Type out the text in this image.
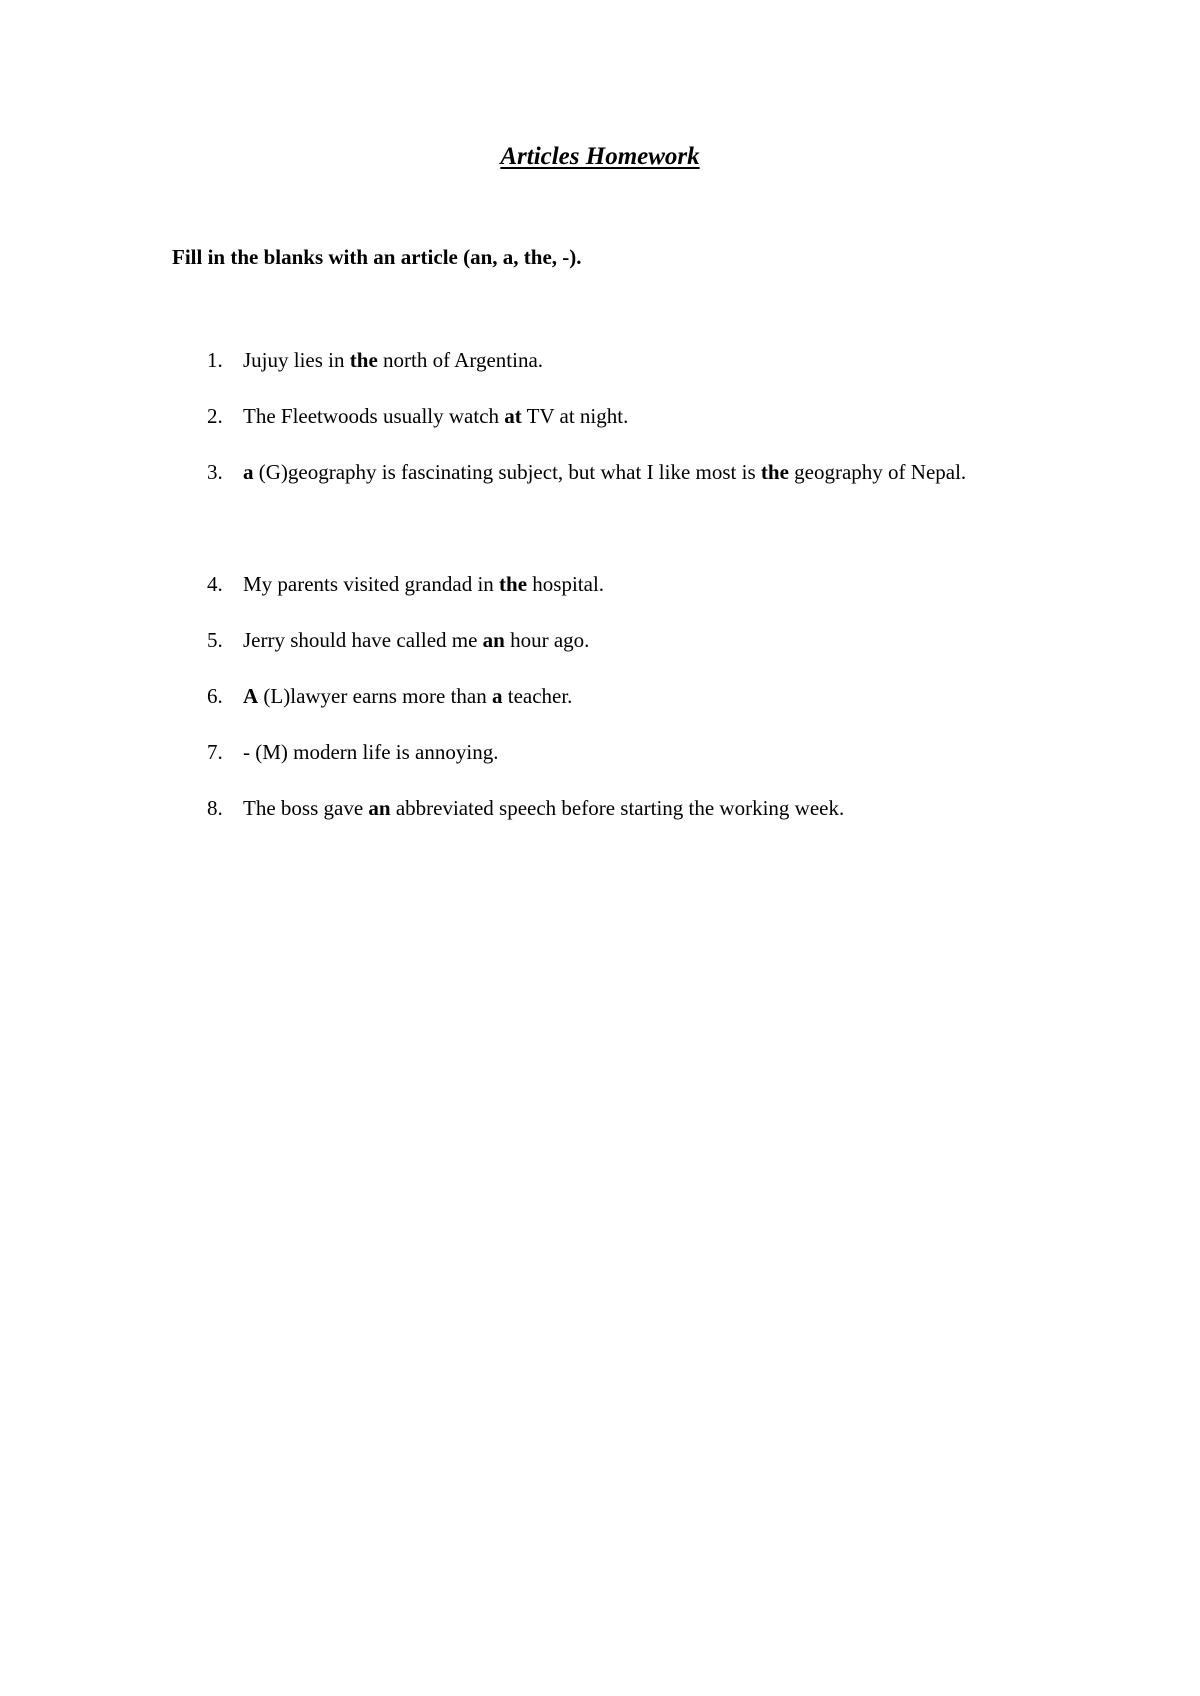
Articles Homework
Fill in the blanks with an article (an, a, the, -).
1. Jujuy lies in the north of Argentina.
2. The Fleetwoods usually watch at TV at night.
3. a (G)geography is fascinating subject, but what I like most is the geography of Nepal.
4. My parents visited grandad in the hospital.
5. Jerry should have called me an hour ago.
6. A (L)lawyer earns more than a teacher.
7. - (M) modern life is annoying.
8. The boss gave an abbreviated speech before starting the working week.
